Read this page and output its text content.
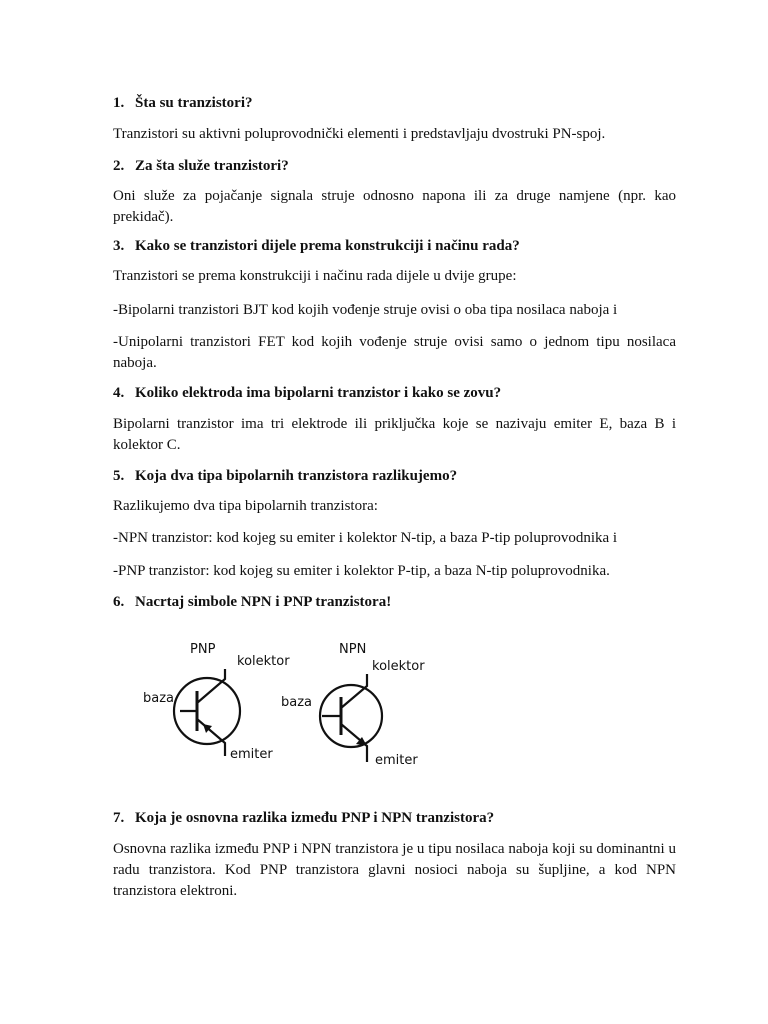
1. Šta su tranzistori?

Tranzistori su aktivni poluprovodnički elementi i predstavljaju dvostruki PN-spoj.

2. Za šta služe tranzistori?

Oni služe za pojačanje signala struje odnosno napona ili za druge namjene (npr. kao prekidač).

3. Kako se tranzistori dijele prema konstrukciji i načinu rada?

Tranzistori se prema konstrukciji i načinu rada dijele u dvije grupe:

-Bipolarni tranzistori BJT kod kojih vođenje struje ovisi o oba tipa nosilaca naboja i

-Unipolarni tranzistori FET kod kojih vođenje struje ovisi samo o jednom tipu nosilaca naboja.

4. Koliko elektroda ima bipolarni tranzistor i kako se zovu?

Bipolarni tranzistor ima tri elektrode ili priključka koje se nazivaju emiter E, baza B i kolektor C.

5. Koja dva tipa bipolarnih tranzistora razlikujemo?

Razlikujemo dva tipa bipolarnih tranzistora:

-NPN tranzistor: kod kojeg su emiter i kolektor N-tip, a baza P-tip poluprovodnika i

-PNP tranzistor: kod kojeg su emiter i kolektor P-tip, a baza N-tip poluprovodnika.

6. Nacrtaj simbole NPN i PNP tranzistora!

PNP
kolektor
baza
emiter
NPN
kolektor
baza
emiter

7. Koja je osnovna razlika između PNP i NPN tranzistora?

Osnovna razlika između PNP i NPN tranzistora je u tipu nosilaca naboja koji su dominantni u radu tranzistora. Kod PNP tranzistora glavni nosioci naboja su šupljine, a kod NPN tranzistora elektroni.
